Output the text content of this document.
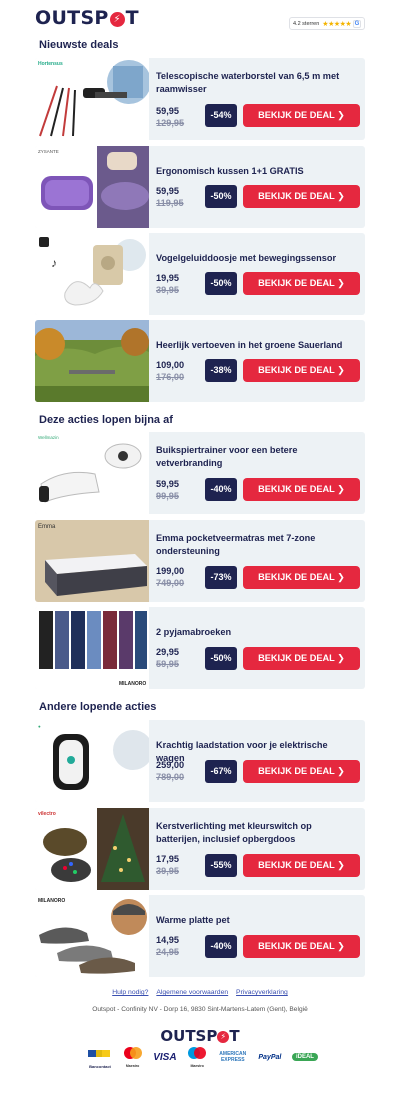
OUTSP ⚡ T	4.2 sterren ★★★★★ G
Nieuwste deals
Hortensus
Telescopische waterborstel van 6,5 m met raamwisser
59,95
129,95
-54%	BEKIJK DE DEAL ❯
ZYSANTE
Ergonomisch kussen 1+1 GRATIS
59,95
119,95
-50%	BEKIJK DE DEAL ❯
♪	Vogelgeluiddoosje met bewegingssensor
19,95
39,95
-50%	BEKIJK DE DEAL ❯
Heerlijk vertoeven in het groene Sauerland
109,00
176,00
-38%	BEKIJK DE DEAL ❯
Deze acties lopen bijna af
Wellmazin
Buikspiertrainer voor een betere vetverbranding
59,95
99,95
-40%	BEKIJK DE DEAL ❯
Emma
Emma pocketveermatras met 7-zone ondersteuning
199,00
749,00
-73%	BEKIJK DE DEAL ❯
MILANORO
2 pyjamabroeken
29,95
59,95
-50%	BEKIJK DE DEAL ❯
Andere lopende acties
●
Krachtig laadstation voor je elektrische wagen
259,00
789,00
-67%	BEKIJK DE DEAL ❯
vilectro
Kerstverlichting met kleurswitch op batterijen, inclusief opbergdoos
17,95
39,95
-55%	BEKIJK DE DEAL ❯
MILANORO
Warme platte pet
14,95
24,95
-40%	BEKIJK DE DEAL ❯
Hulp nodig? Algemene voorwaarden Privacyverklaring
Outspot - Confinity NV - Dorp 16, 9830 Sint-Martens-Latem (Gent), België
OUTSP ⚡ T
Bancontact	Maestro
VISA
Maestro
AMERICAN EXPRESS	PayPal	iDEAL
